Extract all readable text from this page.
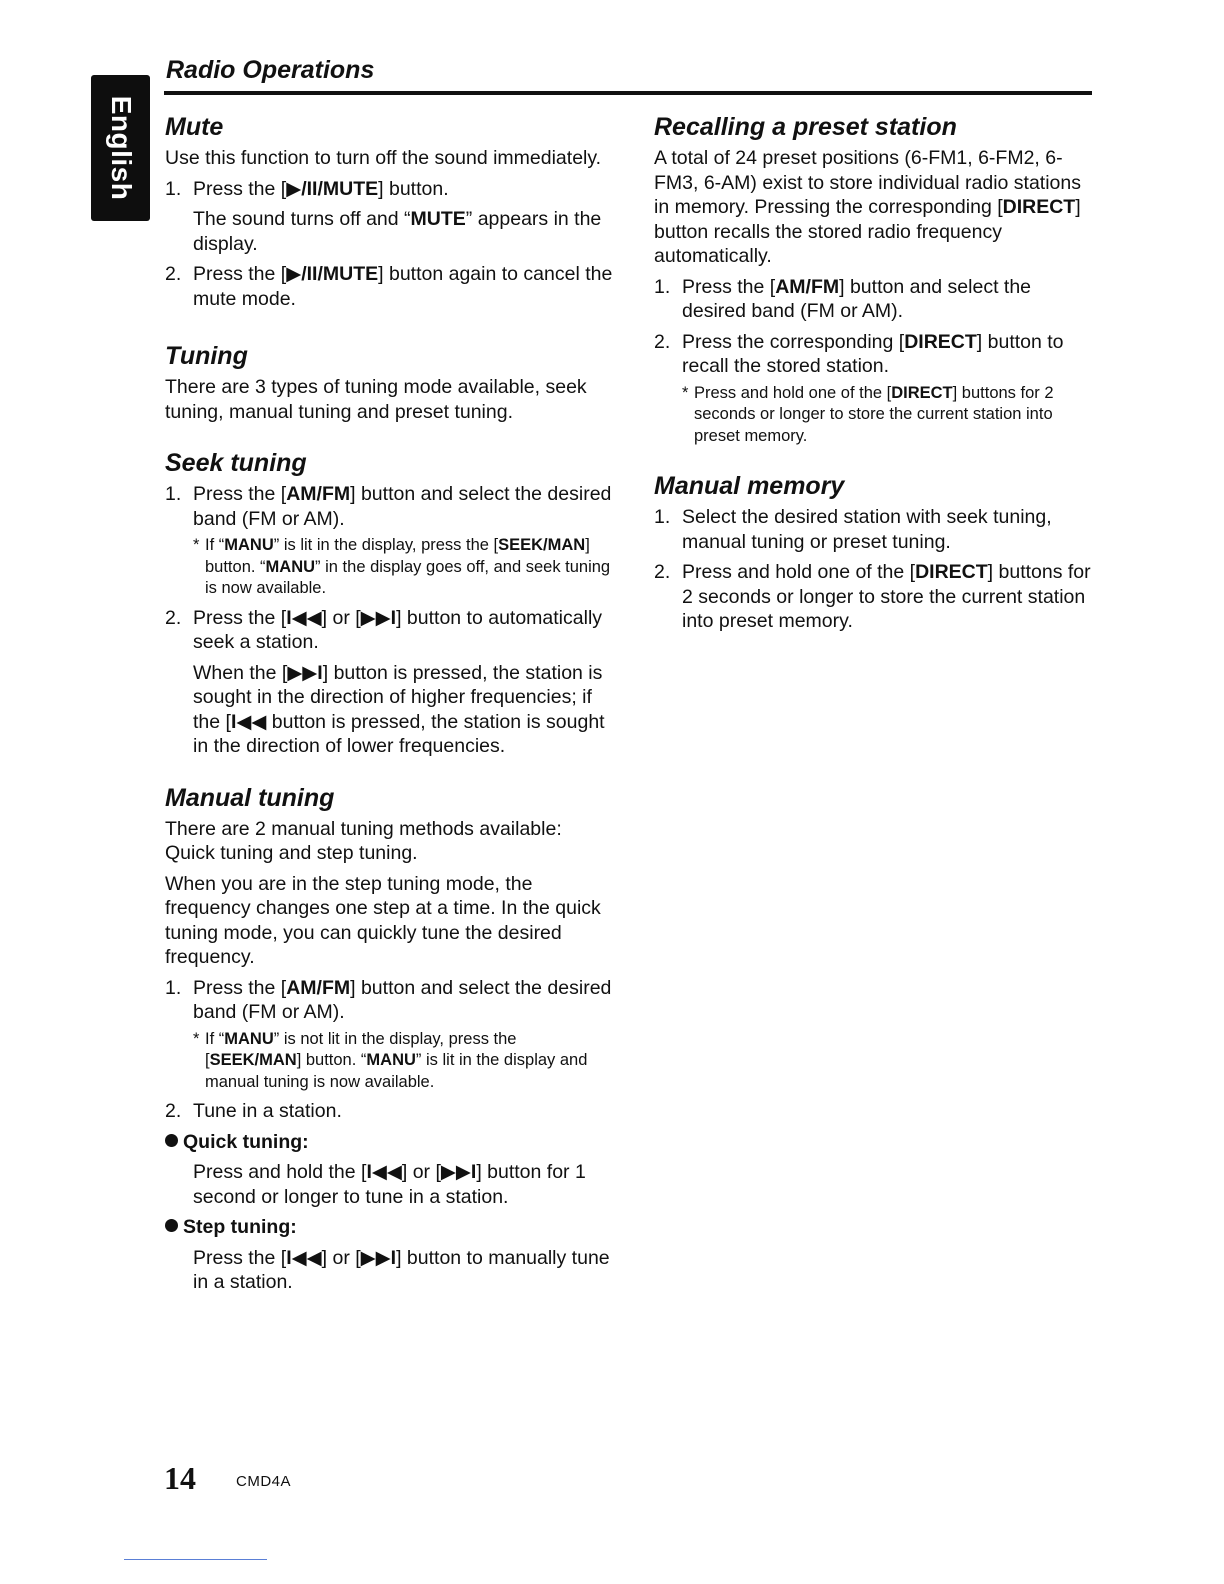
English
Radio Operations
Mute

Use this function to turn off the sound immediately.

1. Press the [▶/II/MUTE] button.
The sound turns off and “MUTE” appears in the display.
2. Press the [▶/II/MUTE] button again to cancel the mute mode.
Tuning

There are 3 types of tuning mode available, seek tuning, manual tuning and preset tuning.

Seek tuning
1. Press the [AM/FM] button and select the desired band (FM or AM).
* If “MANU” is lit in the display, press the [SEEK/MAN] button. “MANU” in the display goes off, and seek tuning is now available.
2. Press the [I◀◀] or [▶▶I] button to automatically seek a station.
When the [▶▶I] button is pressed, the station is sought in the direction of higher frequencies; if the [I◀◀ button is pressed, the station is sought in the direction of lower frequencies.
Manual tuning

There are 2 manual tuning methods available: Quick tuning and step tuning.

When you are in the step tuning mode, the frequency changes one step at a time. In the quick tuning mode, you can quickly tune the desired frequency.

1. Press the [AM/FM] button and select the desired band (FM or AM).
* If “MANU” is not lit in the display, press the [SEEK/MAN] button. “MANU” is lit in the display and manual tuning is now available.
2. Tune in a station.
Quick tuning:

Press and hold the [I◀◀] or [▶▶I] button for 1 second or longer to tune in a station.

Step tuning:

Press the [I◀◀] or [▶▶I] button to manually tune in a station.

Recalling a preset station

A total of 24 preset positions (6-FM1, 6-FM2, 6-FM3, 6-AM) exist to store individual radio stations in memory. Pressing the corresponding [DIRECT] button recalls the stored radio frequency automatically.

1. Press the [AM/FM] button and select the desired band (FM or AM).
2. Press the corresponding [DIRECT] button to recall the stored station.
* Press and hold one of the [DIRECT] buttons for 2 seconds or longer to store the current station into preset memory.
Manual memory
1. Select the desired station with seek tuning, manual tuning or preset tuning.
2. Press and hold one of the [DIRECT] buttons for 2 seconds or longer to store the current station into preset memory.
14	CMD4A
